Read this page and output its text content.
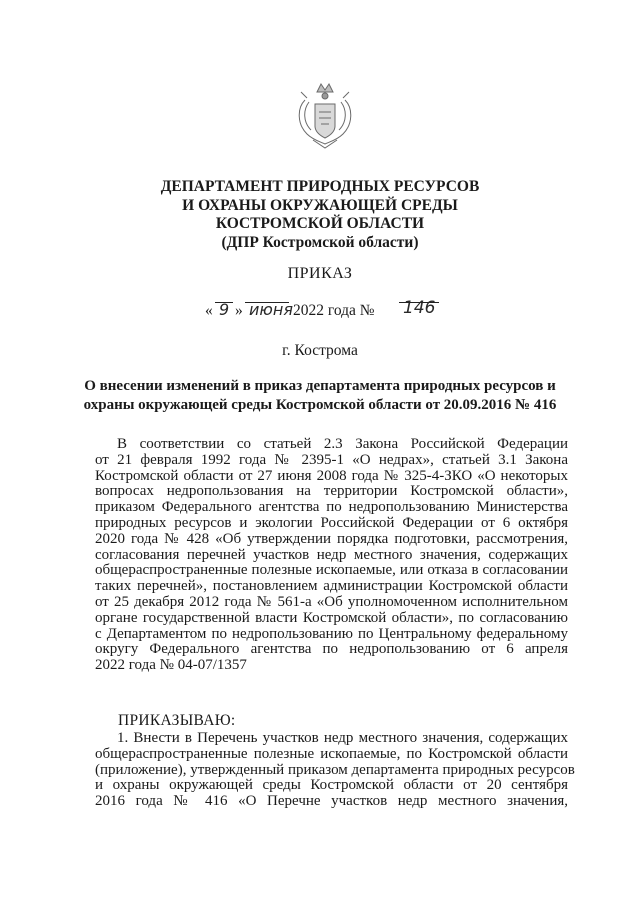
ДЕПАРТАМЕНТ ПРИРОДНЫХ РЕСУРСОВ
И ОХРАНЫ ОКРУЖАЮЩЕЙ СРЕДЫ
КОСТРОМСКОЙ ОБЛАСТИ
(ДПР Костромской области)
ПРИКАЗ
« 9 » июня 2022 года № 146
г. Кострома
О внесении изменений в приказ департамента природных ресурсов и
охраны окружающей среды Костромской области от 20.09.2016 № 416
В соответствии со статьей 2.3 Закона Российской Федерации
от 21 февраля 1992 года № 2395-1 «О недрах», статьей 3.1 Закона
Костромской области от 27 июня 2008 года № 325-4-ЗКО «О некоторых
вопросах недропользования на территории Костромской области»,
приказом Федерального агентства по недропользованию Министерства
природных ресурсов и экологии Российской Федерации от 6 октября
2020 года № 428 «Об утверждении порядка подготовки, рассмотрения,
согласования перечней участков недр местного значения, содержащих
общераспространенные полезные ископаемые, или отказа в согласовании
таких перечней», постановлением администрации Костромской области
от 25 декабря 2012 года № 561-а «Об уполномоченном исполнительном
органе государственной власти Костромской области», по согласованию
с Департаментом по недропользованию по Центральному федеральному
округу Федерального агентства по недропользованию от 6 апреля
2022 года № 04-07/1357
ПРИКАЗЫВАЮ:
1. Внести в Перечень участков недр местного значения, содержащих
общераспространенные полезные ископаемые, по Костромской области
(приложение), утвержденный приказом департамента природных ресурсов
и охраны окружающей среды Костромской области от 20 сентября
2016 года № 416 «О Перечне участков недр местного значения,
